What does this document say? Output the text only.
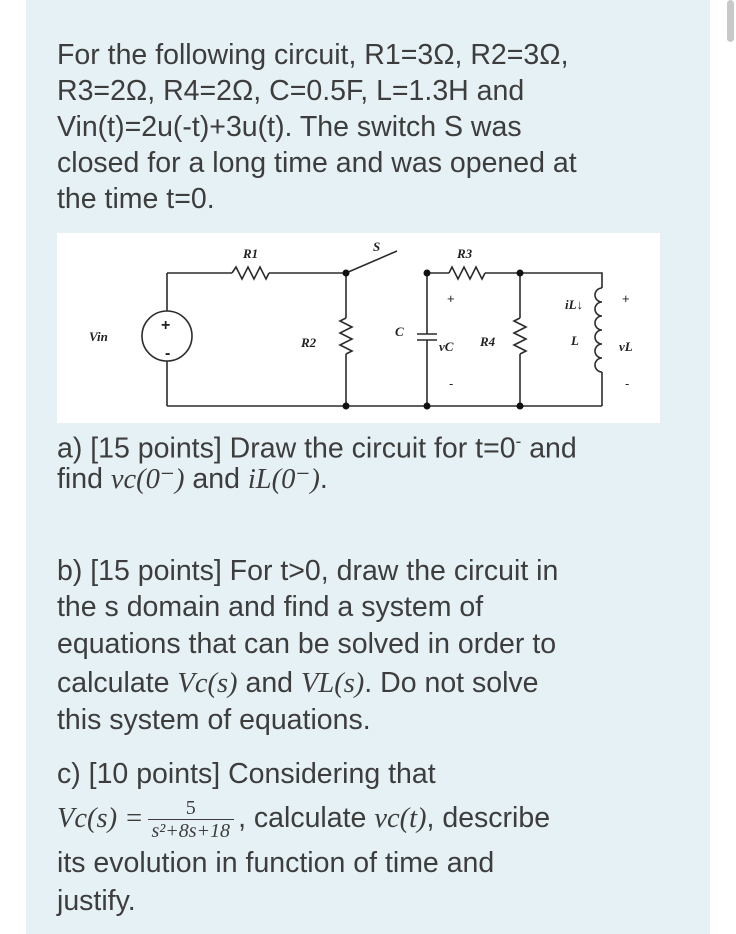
For the following circuit, R1=3Ω, R2=3Ω,
R3=2Ω, R4=2Ω, C=0.5F, L=1.3H and
Vin(t)=2u(-t)+3u(t). The switch S was
closed for a long time and was opened at
the time t=0.
R1	S	R3
Vin	R2
C
vC R4
iL↓
L	vL
+
-
+
-
+
-
a) [15 points] Draw the circuit for t=0- and
find vc(0⁻) and iL(0⁻).
b) [15 points] For t>0, draw the circuit in
the s domain and find a system of
equations that can be solved in order to
calculate Vc(s) and VL(s). Do not solve
this system of equations.
c) [10 points] Considering that
$Vc(s) = \frac{5}{\text{s²+8s+18}}$ , calculate vc(t), describe
its evolution in function of time and
justify.
